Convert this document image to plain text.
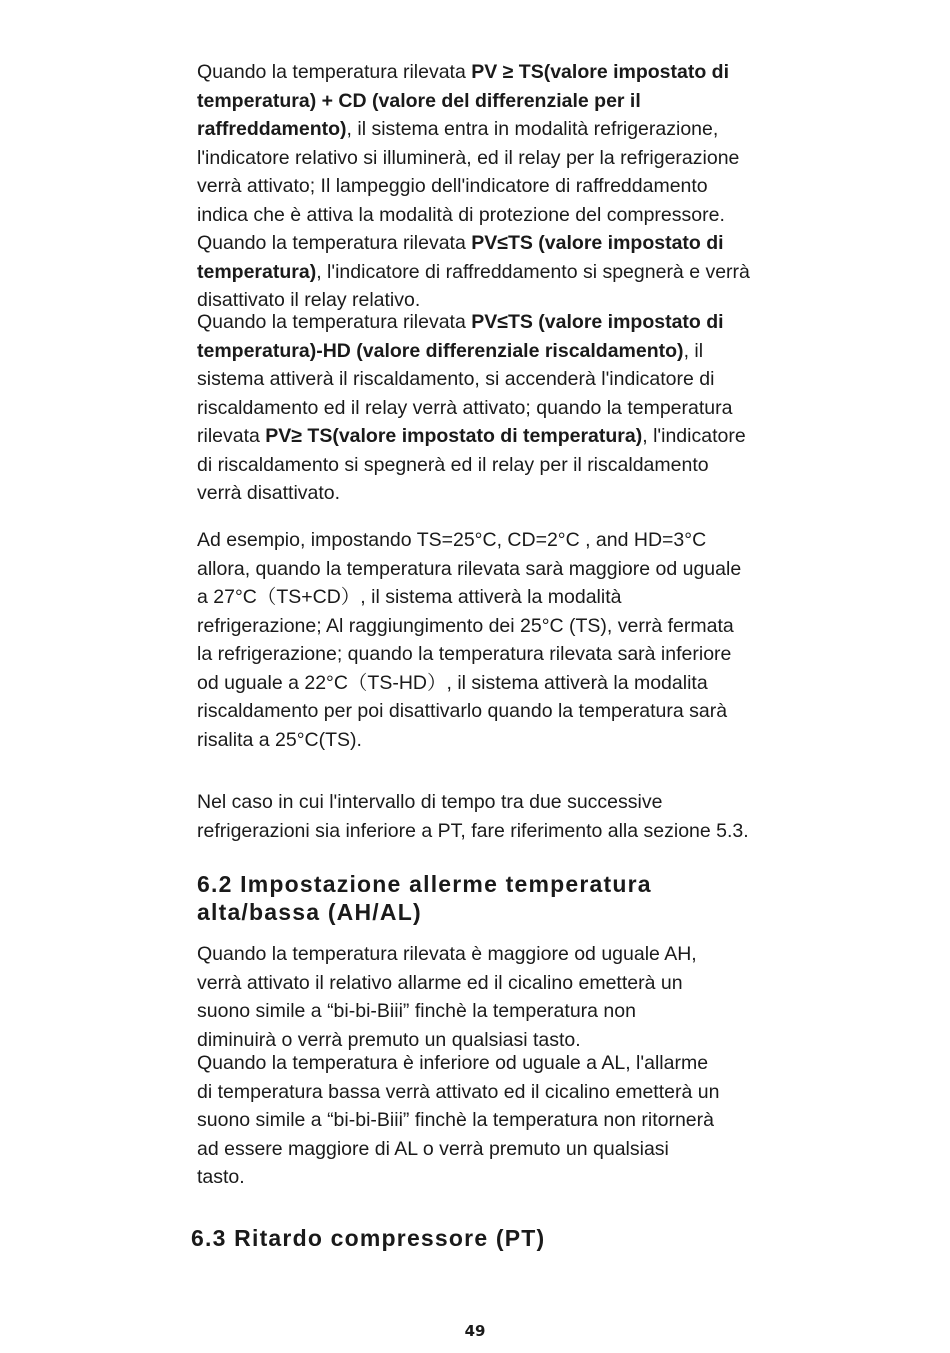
Quando la temperatura rilevata PV ≥ TS(valore impostato di
temperatura) + CD (valore del differenziale per il
raffreddamento), il sistema entra in modalità refrigerazione,
l'indicatore relativo si illuminerà, ed il relay per la refrigerazione
verrà attivato; Il lampeggio dell'indicatore di raffreddamento
indica che è attiva la modalità di protezione del compressore.
Quando la temperatura rilevata PV≤TS (valore impostato di
temperatura), l'indicatore di raffreddamento si spegnerà e verrà
disattivato il relay relativo.
Quando la temperatura rilevata PV≤TS (valore impostato di
temperatura)-HD (valore differenziale riscaldamento), il
sistema attiverà il riscaldamento, si accenderà l'indicatore di
riscaldamento ed il relay verrà attivato; quando la temperatura
rilevata PV≥ TS(valore impostato di temperatura), l'indicatore
di riscaldamento si spegnerà ed il relay per il riscaldamento
verrà disattivato.
Ad esempio, impostando TS=25°C, CD=2°C , and HD=3°C
allora, quando la temperatura rilevata sarà maggiore od uguale
a 27°C（TS+CD）, il sistema attiverà la modalità
refrigerazione; Al raggiungimento dei 25°C (TS), verrà fermata
la refrigerazione; quando la temperatura rilevata sarà inferiore
od uguale a 22°C（TS-HD）, il sistema attiverà la modalita
riscaldamento per poi disattivarlo quando la temperatura sarà
risalita a 25°C(TS).
Nel caso in cui l'intervallo di tempo tra due successive
refrigerazioni sia inferiore a PT, fare riferimento alla sezione 5.3.
6.2 Impostazione allerme temperatura
alta/bassa (AH/AL)
Quando la temperatura rilevata è maggiore od uguale AH,
verrà attivato il relativo allarme ed il cicalino emetterà un
suono simile a “bi-bi-Biii” finchè la temperatura non
diminuirà o verrà premuto un qualsiasi tasto.
Quando la temperatura è inferiore od uguale a AL, l'allarme
di temperatura bassa verrà attivato ed il cicalino emetterà un
suono simile a “bi-bi-Biii” finchè la temperatura non ritornerà
ad essere maggiore di AL o verrà premuto un qualsiasi
tasto.
6.3 Ritardo compressore (PT)
49
